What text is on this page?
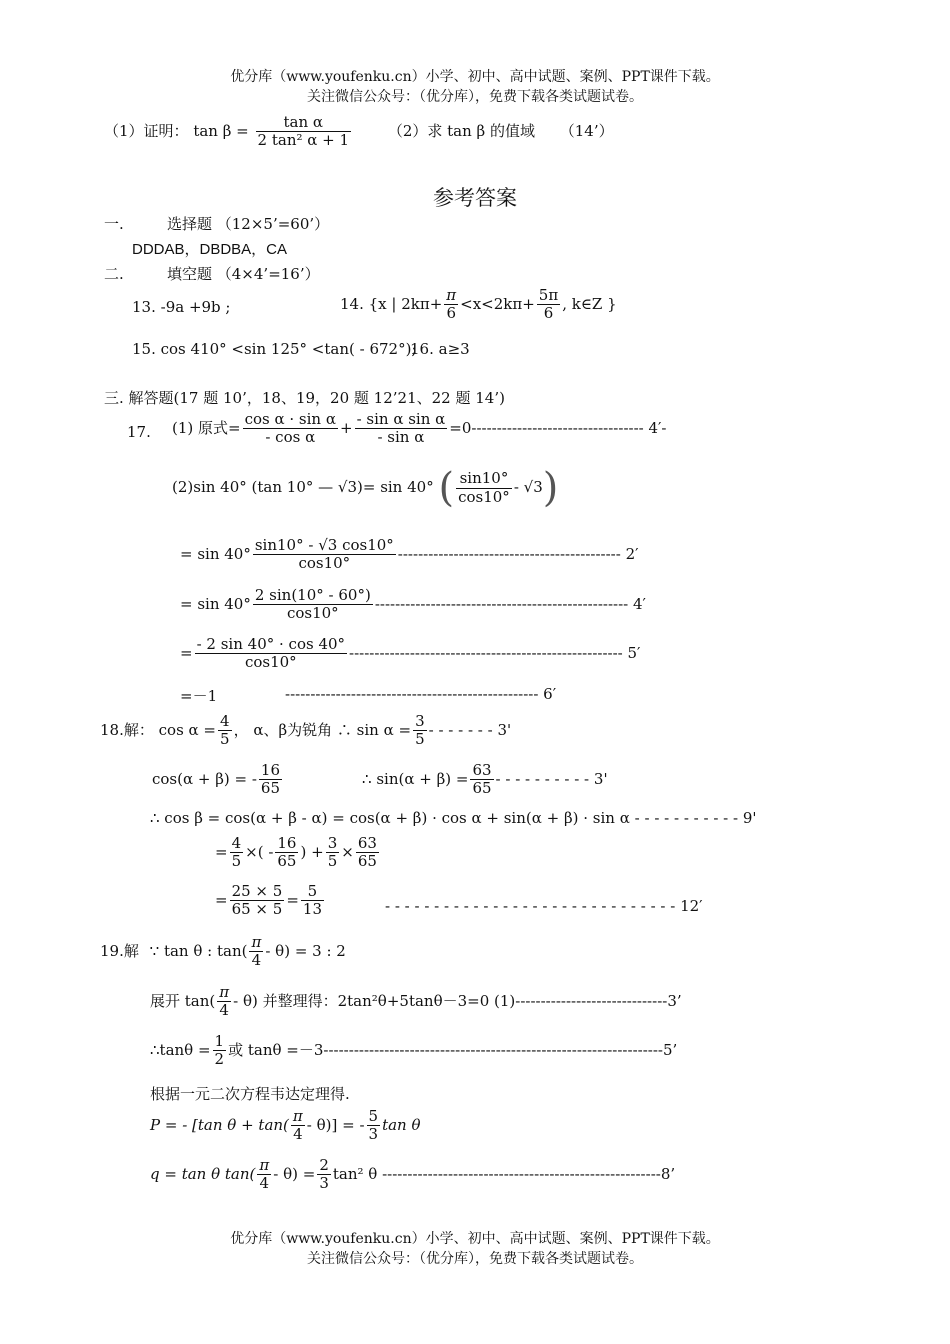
优分库（www.youfenku.cn）小学、初中、高中试题、案例、PPT课件下载。
关注微信公众号：（优分库），免费下载各类试题试卷。
（1）证明： $\tan \beta = \frac{\text{tan α}}{\text{2 tan² α + 1}} (2)$求 tan β 的值域 （14’）
参考答案
一.	选择题 （12×5’=60’）
DDDAB，DBDBA，CA
二.	填空题 （4×4’=16’）
13. -9a +9b ;	14. {x | $2k\pi+ \frac{\pi}{6} <x<2k\pi+ \frac{5\pi}{6}$ , k∈Z }
15. cos 410° <sin 125° <tan( - 672°);
16. a≥3
三. 解答题(17 题 10’，18、19，20 题 12’21、22 题 14’)
17. (1) 原式= $\frac{\text{cos α · sin α}}{\text{- cos α}} + \frac{\text{- sin α sin α}}{\text{- sin α}} =0----------------------------------$ 4′-
(2)sin 40° (tan 10° — √3)= sin 40° ( $\frac{\sin 10^\circ}{\cos 10^\circ} - √3$)
= $\sin 40^\circ \frac{\sin 10^\circ - √3 \cos 10^\circ}{\cos 10^\circ}$ -------------------------------------------- 2′
= $\sin 40^\circ \frac{2 \sin(10^\circ - 60^\circ)}{\cos 10^\circ}$ -------------------------------------------------- 4′
= $\frac{- 2 \sin 40^\circ \cdot \cos 40^\circ}{\cos 10^\circ}$ ------------------------------------------------------ 5′
=－1	-------------------------------------------------- 6′
18.解： $\cos \alpha = \frac{4}{5}$ ， α、β为锐角 ∴ $\sin \alpha = \frac{3}{5}$ - - - - - - - 3'
cos(α + β) = - $\frac{16}{65}$	∴ $\sin(\alpha + \beta) = \frac{63}{65}$ - - - - - - - - - - 3'
∴ cos β = cos(α + β - α) = cos(α + β) · cos α + sin(α + β) · sin α - - - - - - - - - - - 9'
= $\frac{4}{5}$ ×( - $\frac{16}{65}$ ) + $\frac{3}{5} \times \frac{63}{65}$
= $\frac{25 \times 5}{65 \times 5} = \frac{5}{13}$	- - - - - - - - - - - - - - - - - - - - - - - - - - - - - - 12′
19.解 ∵ tan θ : $\tan( \frac{\pi}{4} - \theta) = 3$ : 2
展开 $\tan( \frac{\pi}{4} - \theta)$ 并整理得：2tan²θ+5tanθ－3=0 (1)------------------------------3’
∴tanθ = $\frac{1}{2}$ 或 tanθ =－3-------------------------------------------------------------------5’
根据一元二次方程韦达定理得.
P = - [tan $\theta + \tan( \frac{\pi}{4} - \theta)$] = - $\frac{5}{3}$ tan θ
q = tan θ $\tan( \frac{\pi}{4} - \theta) = \frac{2}{3} \tan^2$ θ -------------------------------------------------------8’
优分库（www.youfenku.cn）小学、初中、高中试题、案例、PPT课件下载。
关注微信公众号：（优分库），免费下载各类试题试卷。
